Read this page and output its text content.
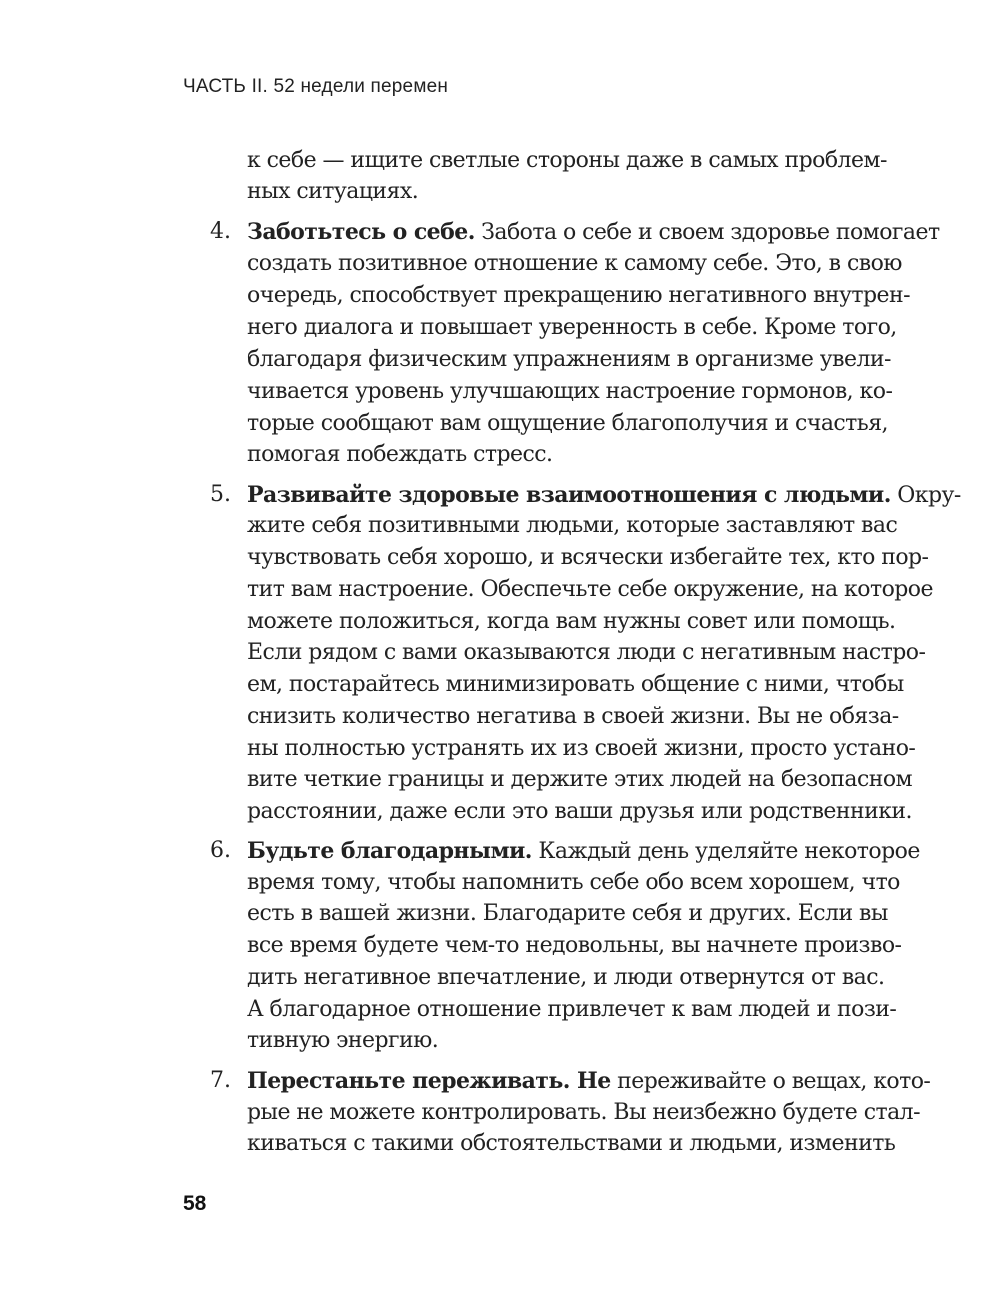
ЧАСТЬ II. 52 недели перемен
к себе — ищите светлые стороны даже в самых проблем-
ных ситуациях.
4. Заботьтесь о себе. Забота о себе и своем здоровье помогает
создать позитивное отношение к самому себе. Это, в свою
очередь, способствует прекращению негативного внутрен-
него диалога и повышает уверенность в себе. Кроме того,
благодаря физическим упражнениям в организме увели-
чивается уровень улучшающих настроение гормонов, ко-
торые сообщают вам ощущение благополучия и счастья,
помогая побеждать стресс.
5. Развивайте здоровые взаимоотношения с людьми. Окру-
жите себя позитивными людьми, которые заставляют вас
чувствовать себя хорошо, и всячески избегайте тех, кто пор-
тит вам настроение. Обеспечьте себе окружение, на которое
можете положиться, когда вам нужны совет или помощь.
Если рядом с вами оказываются люди с негативным настро-
ем, постарайтесь минимизировать общение с ними, чтобы
снизить количество негатива в своей жизни. Вы не обяза-
ны полностью устранять их из своей жизни, просто устано-
вите четкие границы и держите этих людей на безопасном
расстоянии, даже если это ваши друзья или родственники.
6. Будьте благодарными. Каждый день уделяйте некоторое
время тому, чтобы напомнить себе обо всем хорошем, что
есть в вашей жизни. Благодарите себя и других. Если вы
все время будете чем-то недовольны, вы начнете произво-
дить негативное впечатление, и люди отвернутся от вас.
А благодарное отношение привлечет к вам людей и пози-
тивную энергию.
7. Перестаньте переживать. Не переживайте о вещах, кото-
рые не можете контролировать. Вы неизбежно будете стал-
киваться с такими обстоятельствами и людьми, изменить
58
